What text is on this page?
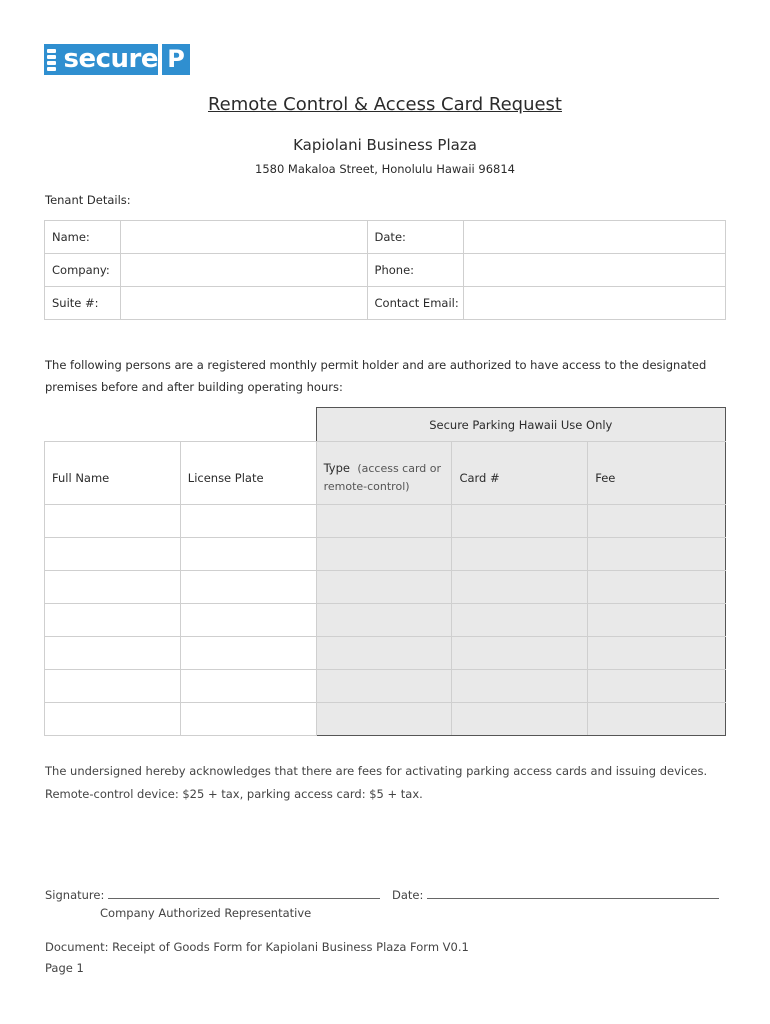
secure P
Remote Control & Access Card Request
Kapiolani Business Plaza
1580 Makaloa Street, Honolulu Hawaii 96814
Tenant Details:
Name:		Date:	
Company:		Phone:	
Suite #:		Contact Email:	
The following persons are a registered monthly permit holder and are authorized to have access to the designated premises before and after building operating hours:
		Secure Parking Hawaii Use Only		
Full Name	License Plate	Type (access card or remote-control)	Card #	Fee

The undersigned hereby acknowledges that there are fees for activating parking access cards and issuing devices. Remote-control device: $25 + tax, parking access card: $5 + tax.
Signature:	Date:
Company Authorized Representative
Document: Receipt of Goods Form for Kapiolani Business Plaza Form V0.1
Page 1
